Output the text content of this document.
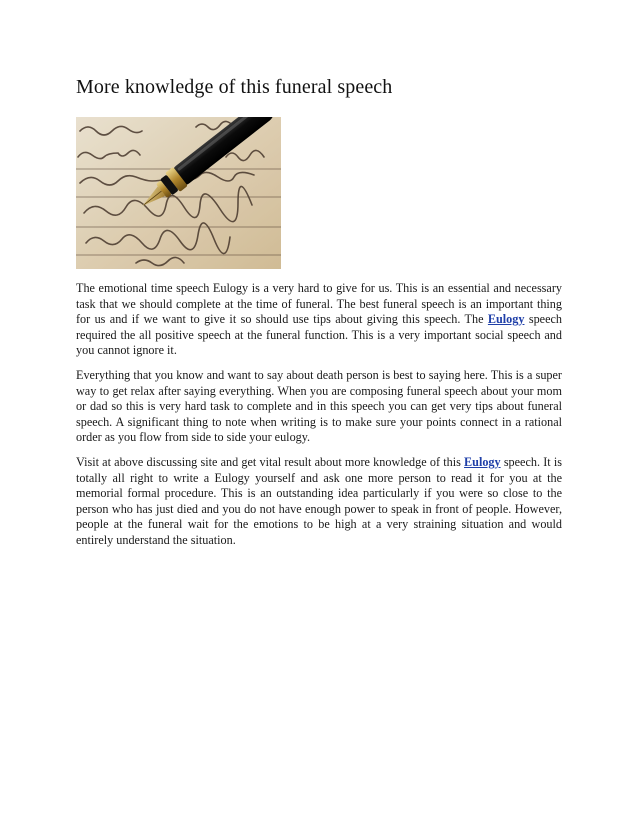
More knowledge of this funeral speech

The emotional time speech Eulogy is a very hard to give for us. This is an essential and necessary task that we should complete at the time of funeral. The best funeral speech is an important thing for us and if we want to give it so should use tips about giving this speech. The Eulogy speech required the all positive speech at the funeral function. This is a very important social speech and you cannot ignore it.

Everything that you know and want to say about death person is best to saying here. This is a super way to get relax after saying everything. When you are composing funeral speech about your mom or dad so this is very hard task to complete and in this speech you can get very tips about funeral speech. A significant thing to note when writing is to make sure your points connect in a rational order as you flow from side to side your eulogy.

Visit at above discussing site and get vital result about more knowledge of this Eulogy speech. It is totally all right to write a Eulogy yourself and ask one more person to read it for you at the memorial formal procedure. This is an outstanding idea particularly if you were so close to the person who has just died and you do not have enough power to speak in front of people. However, people at the funeral wait for the emotions to be high at a very straining situation and would entirely understand the situation.
